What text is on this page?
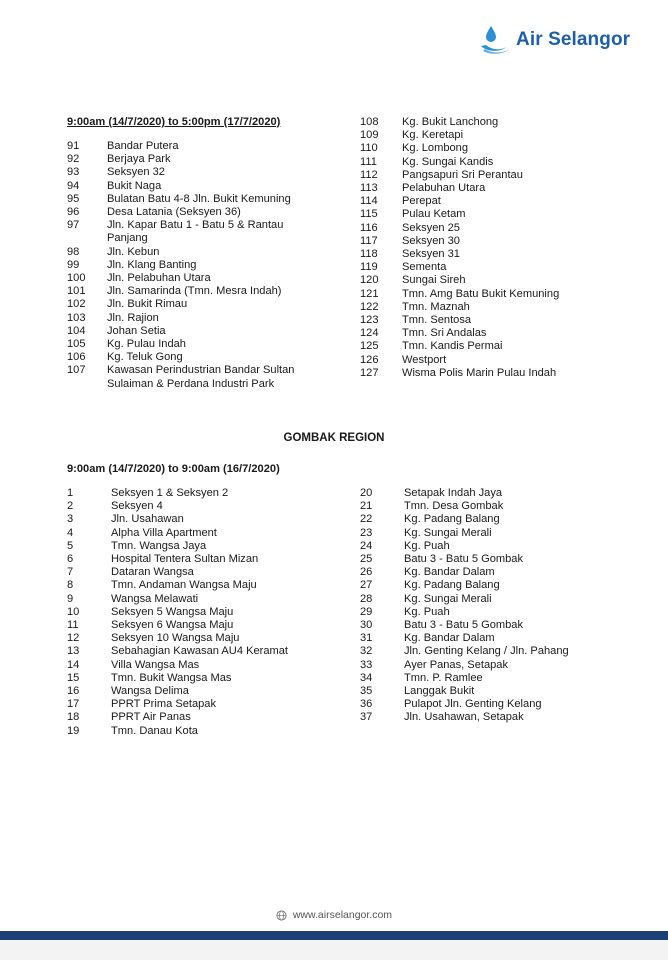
Air Selangor
9:00am (14/7/2020) to 5:00pm (17/7/2020)
91	Bandar Putera
92	Berjaya Park
93	Seksyen 32
94	Bukit Naga
95	Bulatan Batu 4-8 Jln. Bukit Kemuning
96	Desa Latania (Seksyen 36)
97	Jln. Kapar Batu 1 - Batu 5 & Rantau Panjang
98	Jln. Kebun
99	Jln. Klang Banting
100	Jln. Pelabuhan Utara
101	Jln. Samarinda (Tmn. Mesra Indah)
102	Jln. Bukit Rimau
103	Jln. Rajion
104	Johan Setia
105	Kg. Pulau Indah
106	Kg. Teluk Gong
107	Kawasan Perindustrian Bandar Sultan Sulaiman & Perdana Industri Park
108	Kg. Bukit Lanchong
109	Kg. Keretapi
110	Kg. Lombong
111	Kg. Sungai Kandis
112	Pangsapuri Sri Perantau
113	Pelabuhan Utara
114	Perepat
115	Pulau Ketam
116	Seksyen 25
117	Seksyen 30
118	Seksyen 31
119	Sementa
120	Sungai Sireh
121	Tmn. Amg Batu Bukit Kemuning
122	Tmn. Maznah
123	Tmn. Sentosa
124	Tmn. Sri Andalas
125	Tmn. Kandis Permai
126	Westport
127	Wisma Polis Marin Pulau Indah
GOMBAK REGION
9:00am (14/7/2020) to 9:00am (16/7/2020)
1	Seksyen 1 & Seksyen 2
2	Seksyen 4
3	Jln. Usahawan
4	Alpha Villa Apartment
5	Tmn. Wangsa Jaya
6	Hospital Tentera Sultan Mizan
7	Dataran Wangsa
8	Tmn. Andaman Wangsa Maju
9	Wangsa Melawati
10	Seksyen 5 Wangsa Maju
11	Seksyen 6 Wangsa Maju
12	Seksyen 10 Wangsa Maju
13	Sebahagian Kawasan AU4 Keramat
14	Villa Wangsa Mas
15	Tmn. Bukit Wangsa Mas
16	Wangsa Delima
17	PPRT Prima Setapak
18	PPRT Air Panas
19	Tmn. Danau Kota
20	Setapak Indah Jaya
21	Tmn. Desa Gombak
22	Kg. Padang Balang
23	Kg. Sungai Merali
24	Kg. Puah
25	Batu 3 - Batu 5 Gombak
26	Kg. Bandar Dalam
27	Kg. Padang Balang
28	Kg. Sungai Merali
29	Kg. Puah
30	Batu 3 - Batu 5 Gombak
31	Kg. Bandar Dalam
32	Jln. Genting Kelang / Jln. Pahang
33	Ayer Panas, Setapak
34	Tmn. P. Ramlee
35	Langgak Bukit
36	Pulapot Jln. Genting Kelang
37	Jln. Usahawan, Setapak
www.airselangor.com
